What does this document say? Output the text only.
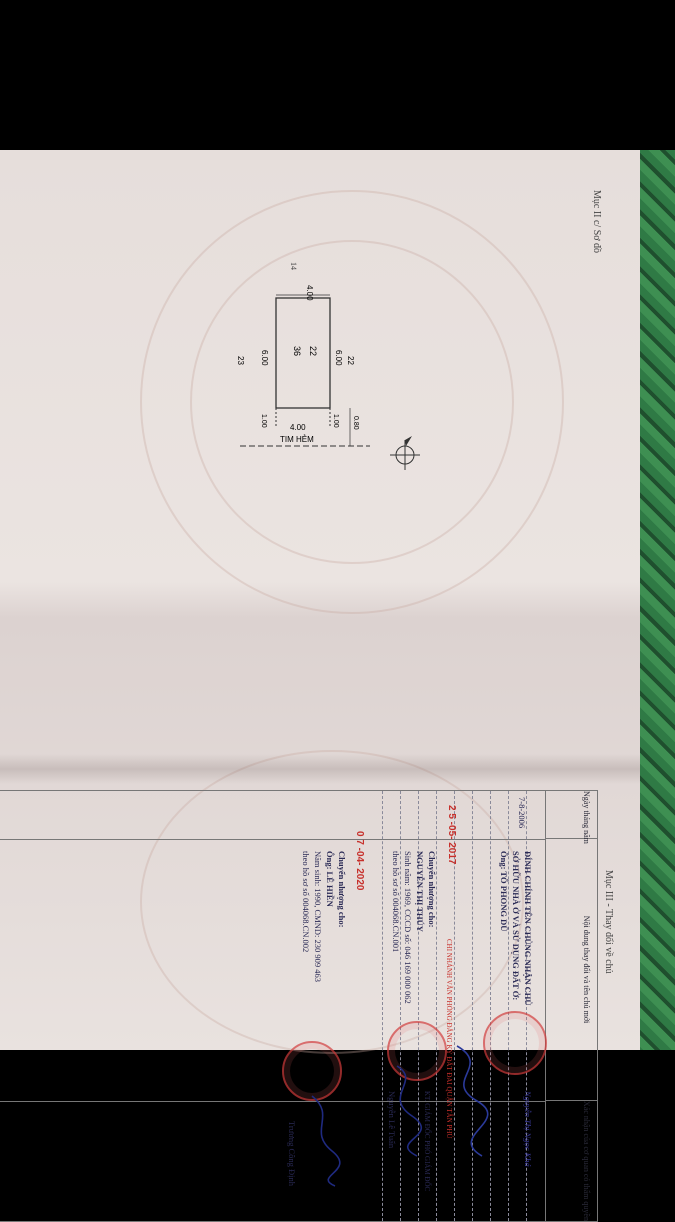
Mục II c/ Sơ đồ
14
4.00
6.00	6.00
22
36
22
23
4.00
1.00	1.00 0.80
TIM HẺM
Mục III - Thay đổi về chủ
Ngày tháng năm
Nội dung thay đổi và tên chủ mới
Xác nhận của cơ quan có thẩm quyền
7-8-2006
ĐÍNH CHÍNH TÊN CHỦNG NHẬN CHỦ
SỞ HỮU NHÀ Ở VÀ SỬ DỤNG ĐẤT Ở:
Ông: TÔ PHONG DŨ
Nguyễn Thị Ngọc Khá
2 5 -05- 2017
Chuyển nhượng cho:
NGUYỄN THỊ THÚY
Sinh năm: 1969, CCCD số: 046 169 000 062
theo hồ sơ số 004068.CN.001
CHI NHÁNH VĂN PHÒNG ĐĂNG KÝ ĐẤT ĐAI QUẬN TÂN PHÚ
KT. GIÁM ĐỐC PHÓ GIÁM ĐỐC
Nguyễn Lê Tuấn
0 7 -04- 2020
Chuyển nhượng cho:
Ông: LÊ HIỀN
Năm sinh: 1990, CMND: 230 909 463
theo hồ sơ số 004068.CN.002
Trương Công Định
